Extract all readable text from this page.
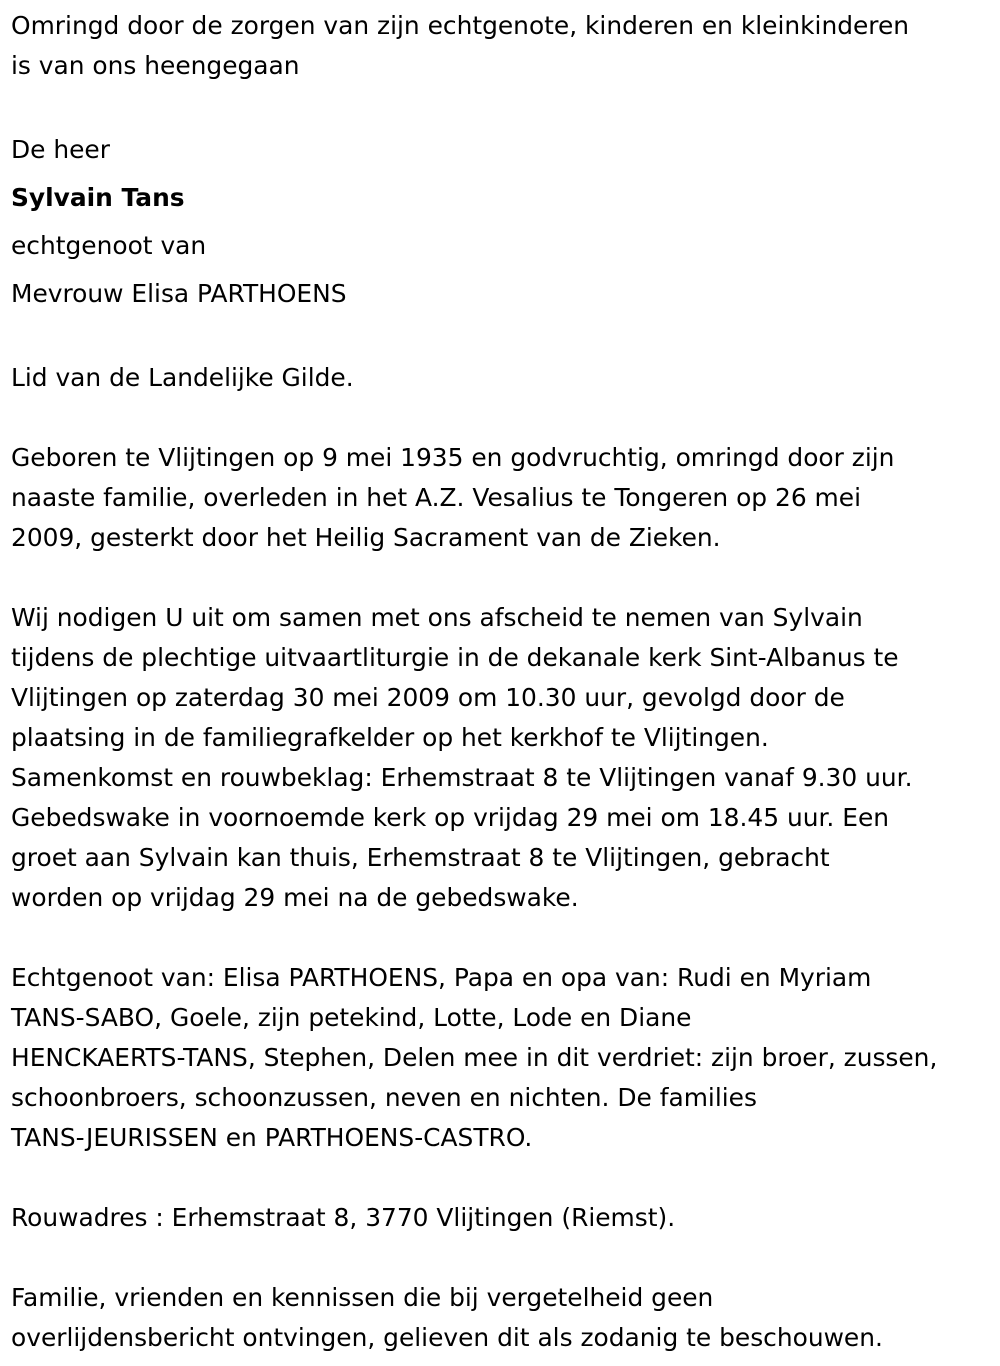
Omringd door de zorgen van zijn echtgenote, kinderen en kleinkinderen
is van ons heengegaan
De heer
Sylvain Tans
echtgenoot van
Mevrouw Elisa PARTHOENS
Lid van de Landelijke Gilde.
Geboren te Vlijtingen op 9 mei 1935 en godvruchtig, omringd door zijn
naaste familie, overleden in het A.Z. Vesalius te Tongeren op 26 mei
2009, gesterkt door het Heilig Sacrament van de Zieken.
Wij nodigen U uit om samen met ons afscheid te nemen van Sylvain
tijdens de plechtige uitvaartliturgie in de dekanale kerk Sint-Albanus te
Vlijtingen op zaterdag 30 mei 2009 om 10.30 uur, gevolgd door de
plaatsing in de familiegrafkelder op het kerkhof te Vlijtingen.
Samenkomst en rouwbeklag: Erhemstraat 8 te Vlijtingen vanaf 9.30 uur.
Gebedswake in voornoemde kerk op vrijdag 29 mei om 18.45 uur. Een
groet aan Sylvain kan thuis, Erhemstraat 8 te Vlijtingen, gebracht
worden op vrijdag 29 mei na de gebedswake.
Echtgenoot van: Elisa PARTHOENS, Papa en opa van: Rudi en Myriam
TANS-SABO, Goele, zijn petekind, Lotte, Lode en Diane
HENCKAERTS-TANS, Stephen, Delen mee in dit verdriet: zijn broer, zussen,
schoonbroers, schoonzussen, neven en nichten. De families
TANS-JEURISSEN en PARTHOENS-CASTRO.
Rouwadres : Erhemstraat 8, 3770 Vlijtingen (Riemst).
Familie, vrienden en kennissen die bij vergetelheid geen
overlijdensbericht ontvingen, gelieven dit als zodanig te beschouwen.
